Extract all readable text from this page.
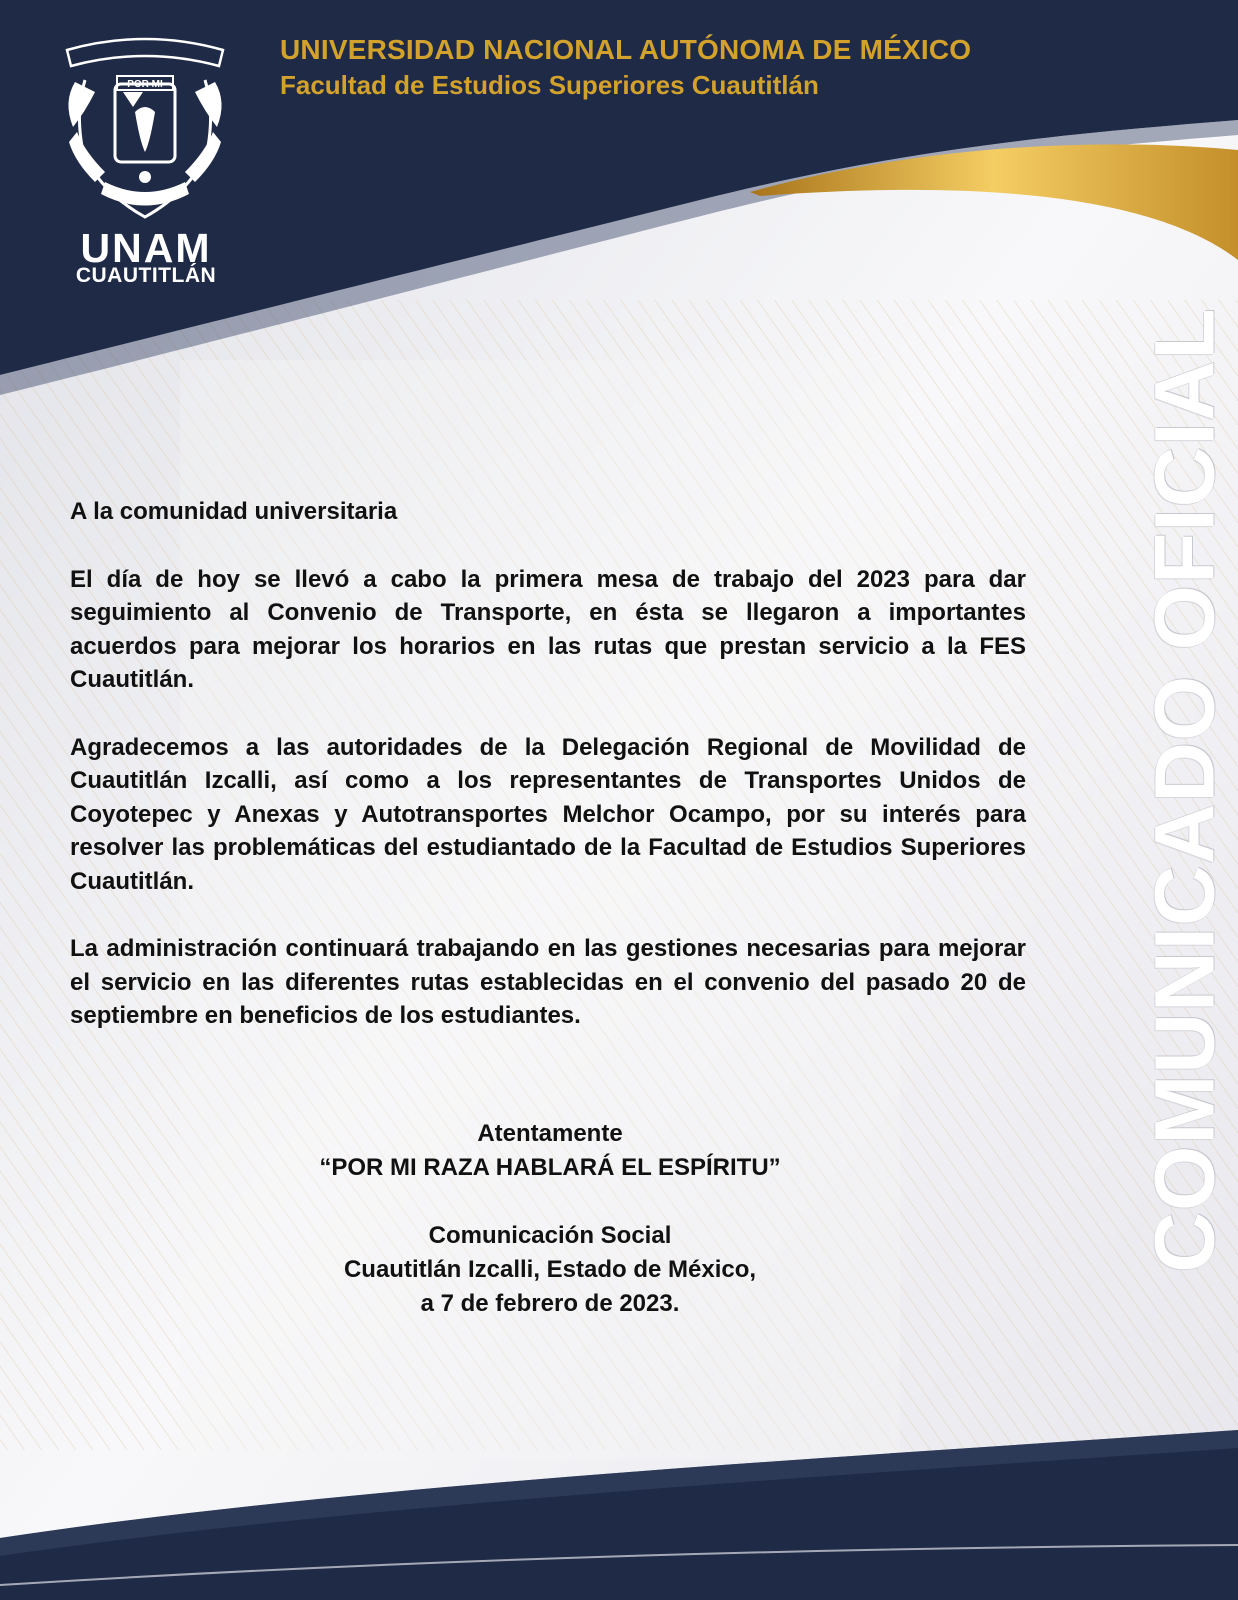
POR MI
UNAM
CUAUTITLÁN
UNIVERSIDAD NACIONAL AUTÓNOMA DE MÉXICO
Facultad de Estudios Superiores Cuautitlán
COMUNICADO OFICIAL

A la comunidad universitaria

El día de hoy se llevó a cabo la primera mesa de trabajo del 2023 para dar seguimiento al Convenio de Transporte, en ésta se llegaron a importantes acuerdos para mejorar los horarios en las rutas que prestan servicio a la FES Cuautitlán.

Agradecemos a las autoridades de la Delegación Regional de Movilidad de Cuautitlán Izcalli, así como a los representantes de Transportes Unidos de Coyotepec y Anexas y Autotransportes Melchor Ocampo, por su interés para resolver las problemáticas del estudiantado de la Facultad de Estudios Superiores Cuautitlán.

La administración continuará trabajando en las gestiones necesarias para mejorar el servicio en las diferentes rutas establecidas en el convenio del pasado 20 de septiembre en beneficios de los estudiantes.

Atentamente
“POR MI RAZA HABLARÁ EL ESPÍRITU”
Comunicación Social
Cuautitlán Izcalli, Estado de México,
a 7 de febrero de 2023.
